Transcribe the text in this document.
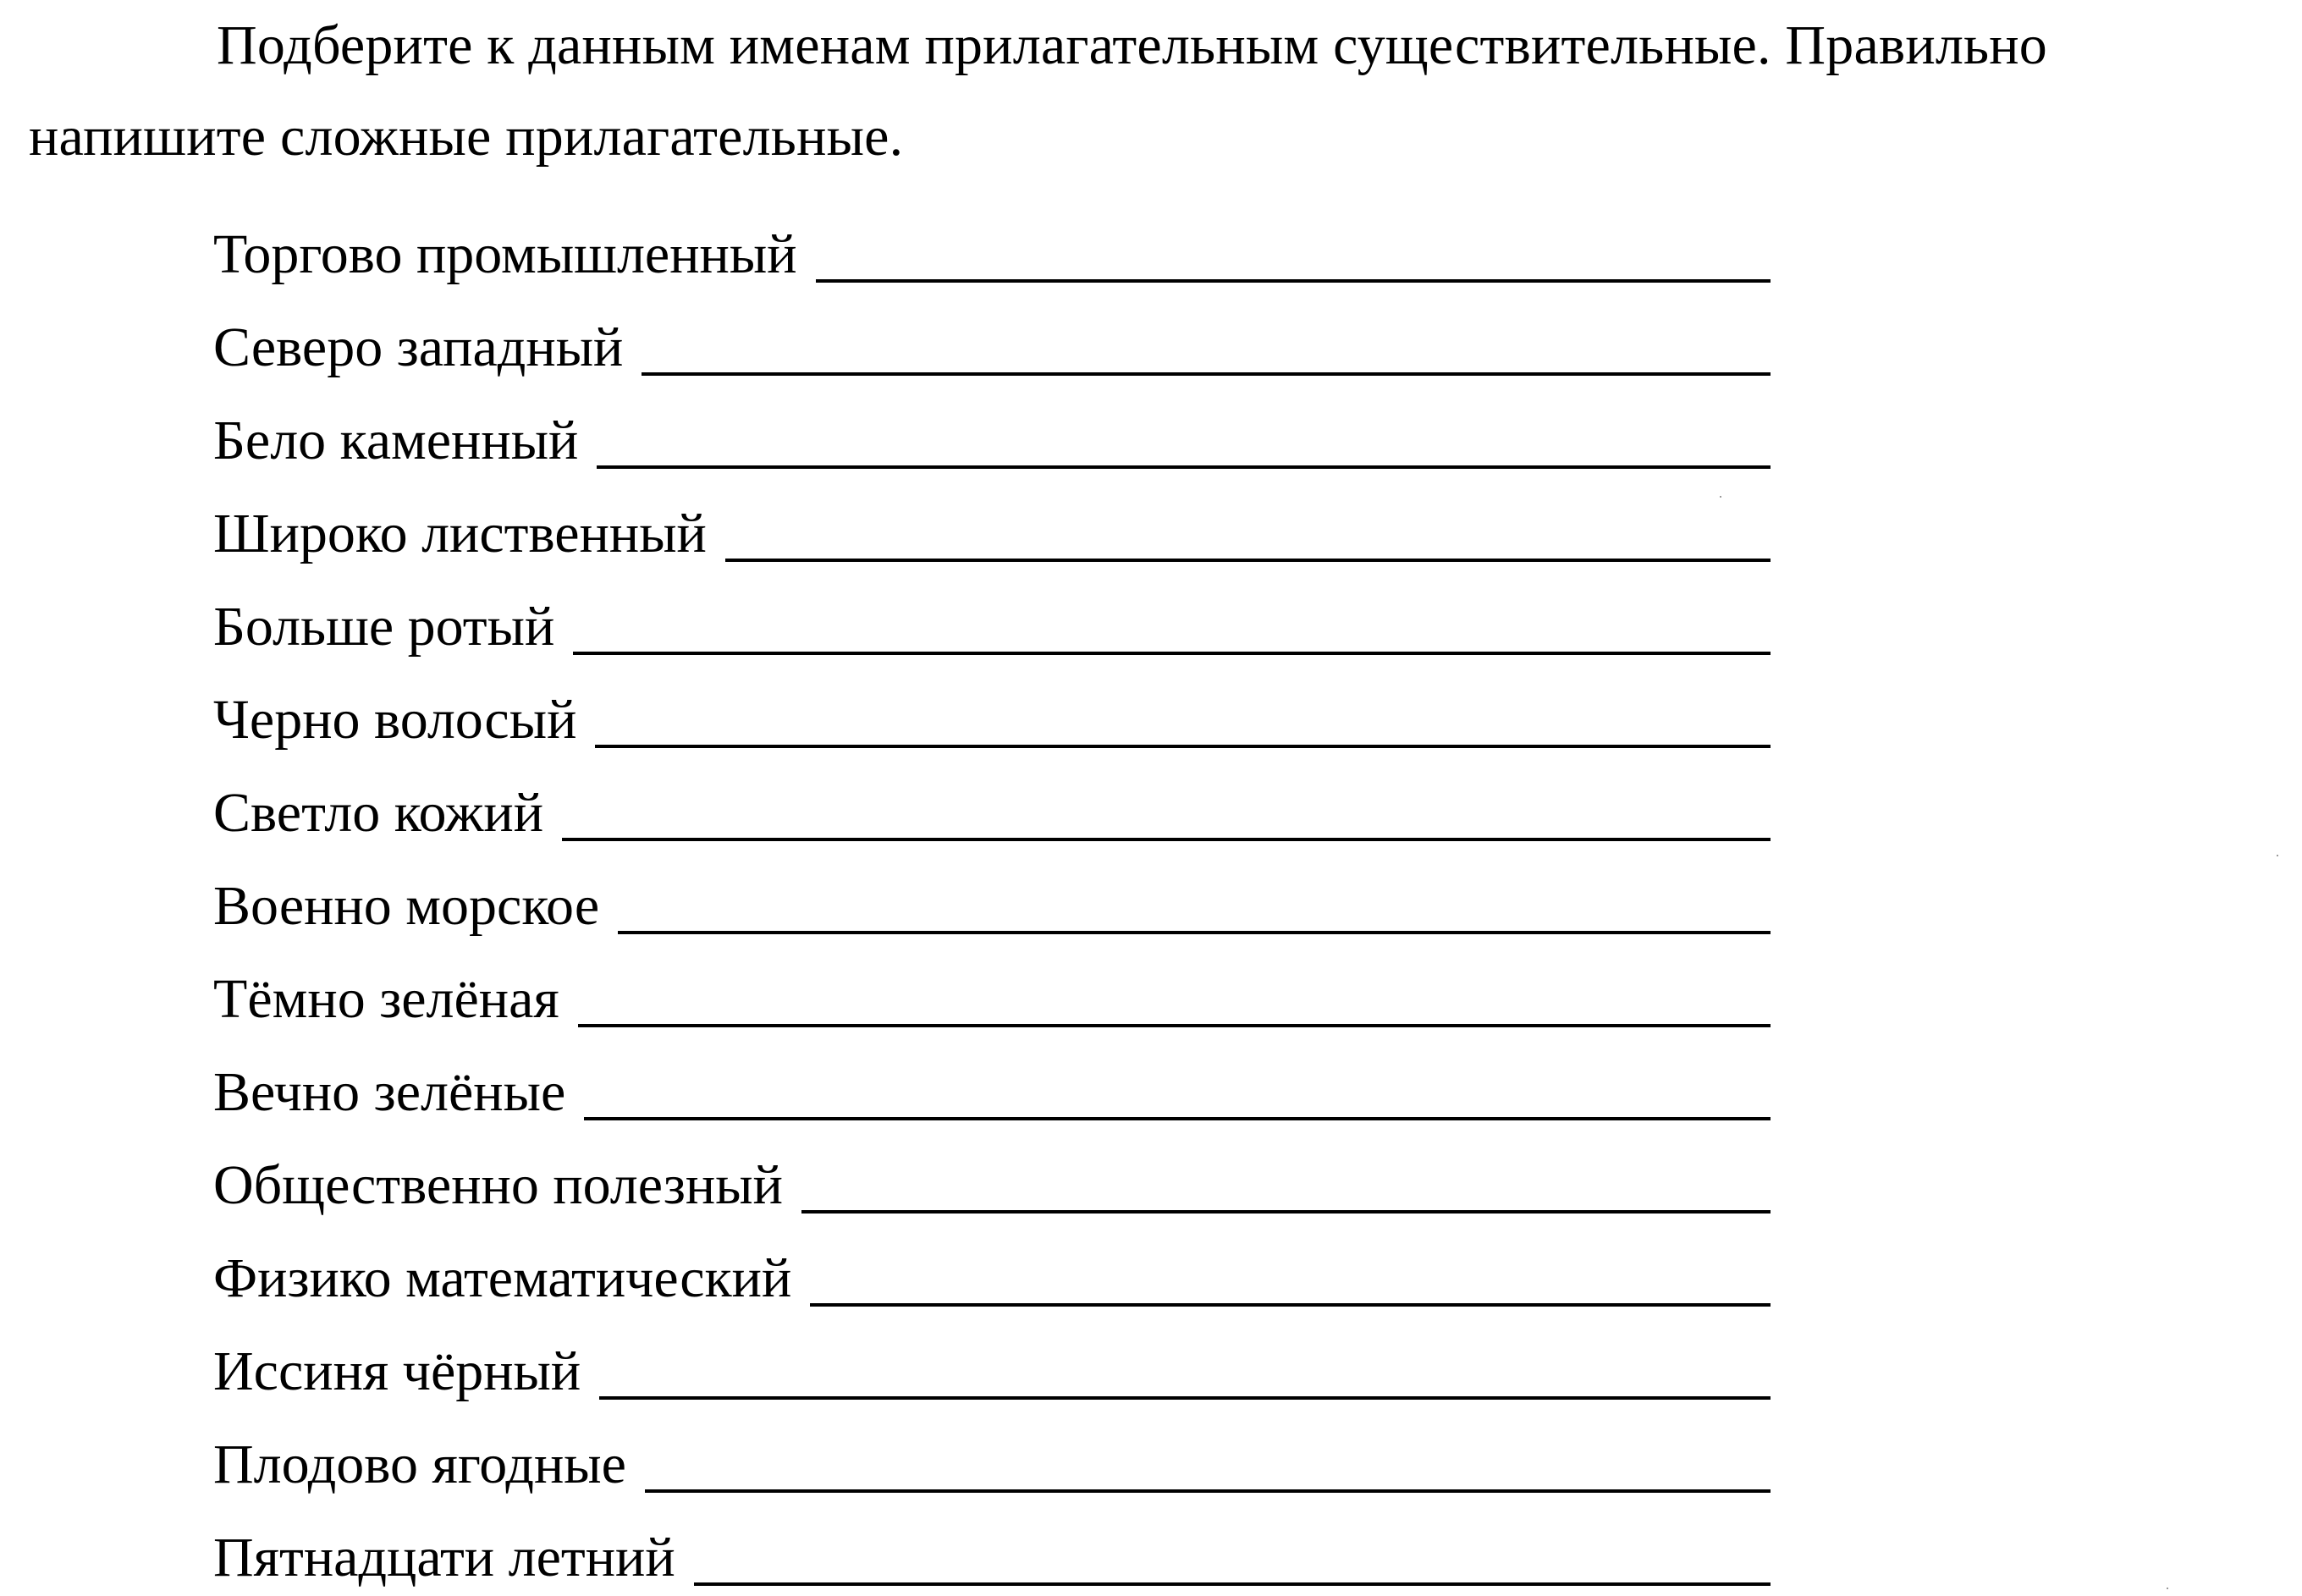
Подберите к данным именам прилагательным существительные. Правильно напишите сложные прилагательные.

Торгово промышленный
Северо западный
Бело каменный
Широко лиственный
Больше ротый
Черно волосый
Светло кожий
Военно морское
Тёмно зелёная
Вечно зелёные
Общественно полезный
Физико математический
Иссиня чёрный
Плодово ягодные
Пятнадцати летний
